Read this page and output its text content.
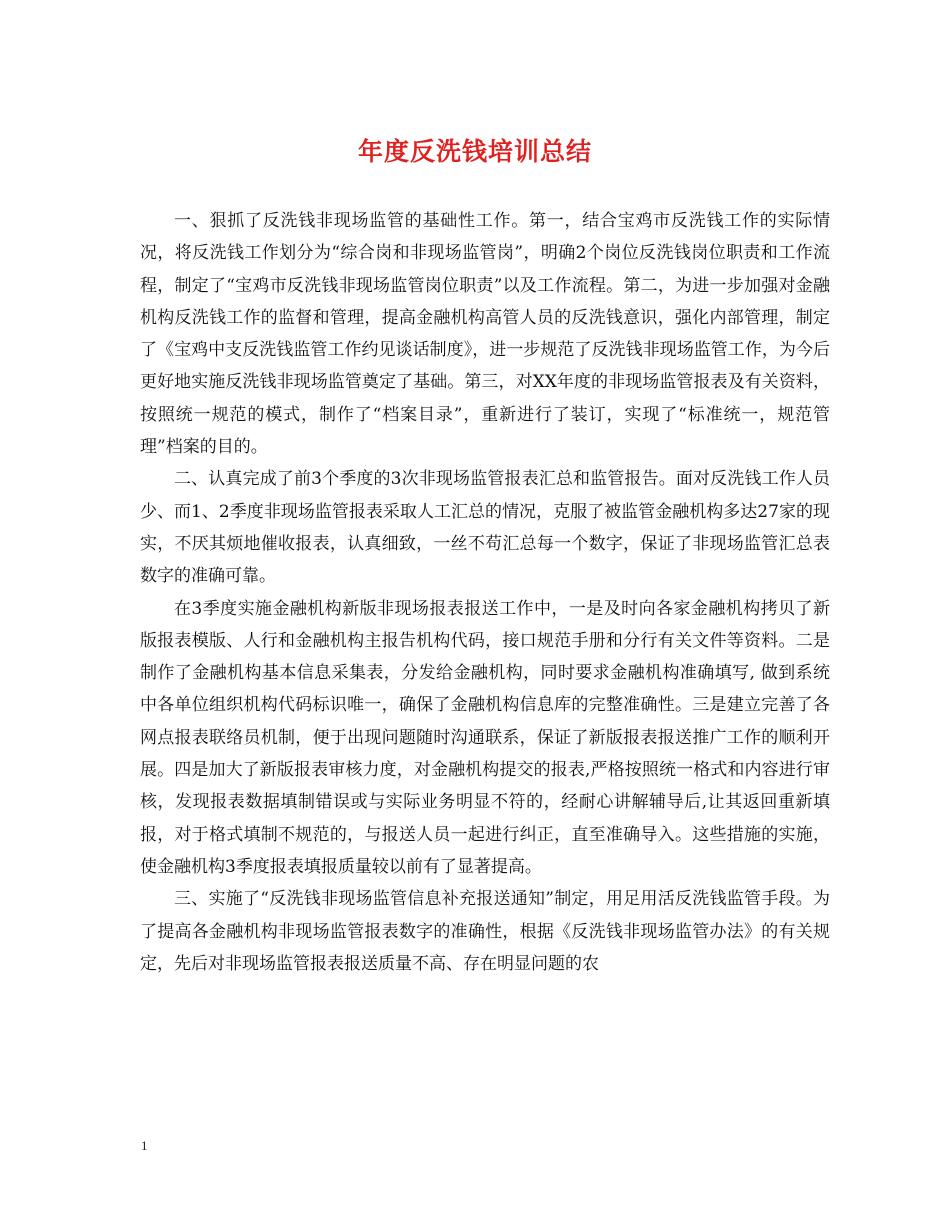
年度反洗钱培训总结

一、狠抓了反洗钱非现场监管的基础性工作。第一，结合宝鸡市反洗钱工作的实际情况，将反洗钱工作划分为“综合岗和非现场监管岗”，明确2个岗位反洗钱岗位职责和工作流程，制定了“宝鸡市反洗钱非现场监管岗位职责”以及工作流程。第二，为进一步加强对金融机构反洗钱工作的监督和管理，提高金融机构高管人员的反洗钱意识，强化内部管理，制定了《宝鸡中支反洗钱监管工作约见谈话制度》，进一步规范了反洗钱非现场监管工作，为今后更好地实施反洗钱非现场监管奠定了基础。第三，对XX年度的非现场监管报表及有关资料，按照统一规范的模式，制作了“档案目录”，重新进行了装订，实现了“标准统一，规范管理”档案的目的。

二、认真完成了前3个季度的3次非现场监管报表汇总和监管报告。面对反洗钱工作人员少、而1、2季度非现场监管报表采取人工汇总的情况，克服了被监管金融机构多达27家的现实，不厌其烦地催收报表，认真细致，一丝不苟汇总每一个数字，保证了非现场监管汇总表数字的准确可靠。

在3季度实施金融机构新版非现场报表报送工作中，一是及时向各家金融机构拷贝了新版报表模版、人行和金融机构主报告机构代码，接口规范手册和分行有关文件等资料。二是制作了金融机构基本信息采集表，分发给金融机构，同时要求金融机构准确填写, 做到系统中各单位组织机构代码标识唯一，确保了金融机构信息库的完整准确性。三是建立完善了各网点报表联络员机制，便于出现问题随时沟通联系，保证了新版报表报送推广工作的顺利开展。四是加大了新版报表审核力度，对金融机构提交的报表,严格按照统一格式和内容进行审核，发现报表数据填制错误或与实际业务明显不符的，经耐心讲解辅导后,让其返回重新填报，对于格式填制不规范的，与报送人员一起进行纠正，直至准确导入。这些措施的实施，使金融机构3季度报表填报质量较以前有了显著提高。

三、实施了“反洗钱非现场监管信息补充报送通知”制定，用足用活反洗钱监管手段。为了提高各金融机构非现场监管报表数字的准确性，根据《反洗钱非现场监管办法》的有关规定，先后对非现场监管报表报送质量不高、存在明显问题的农

1
